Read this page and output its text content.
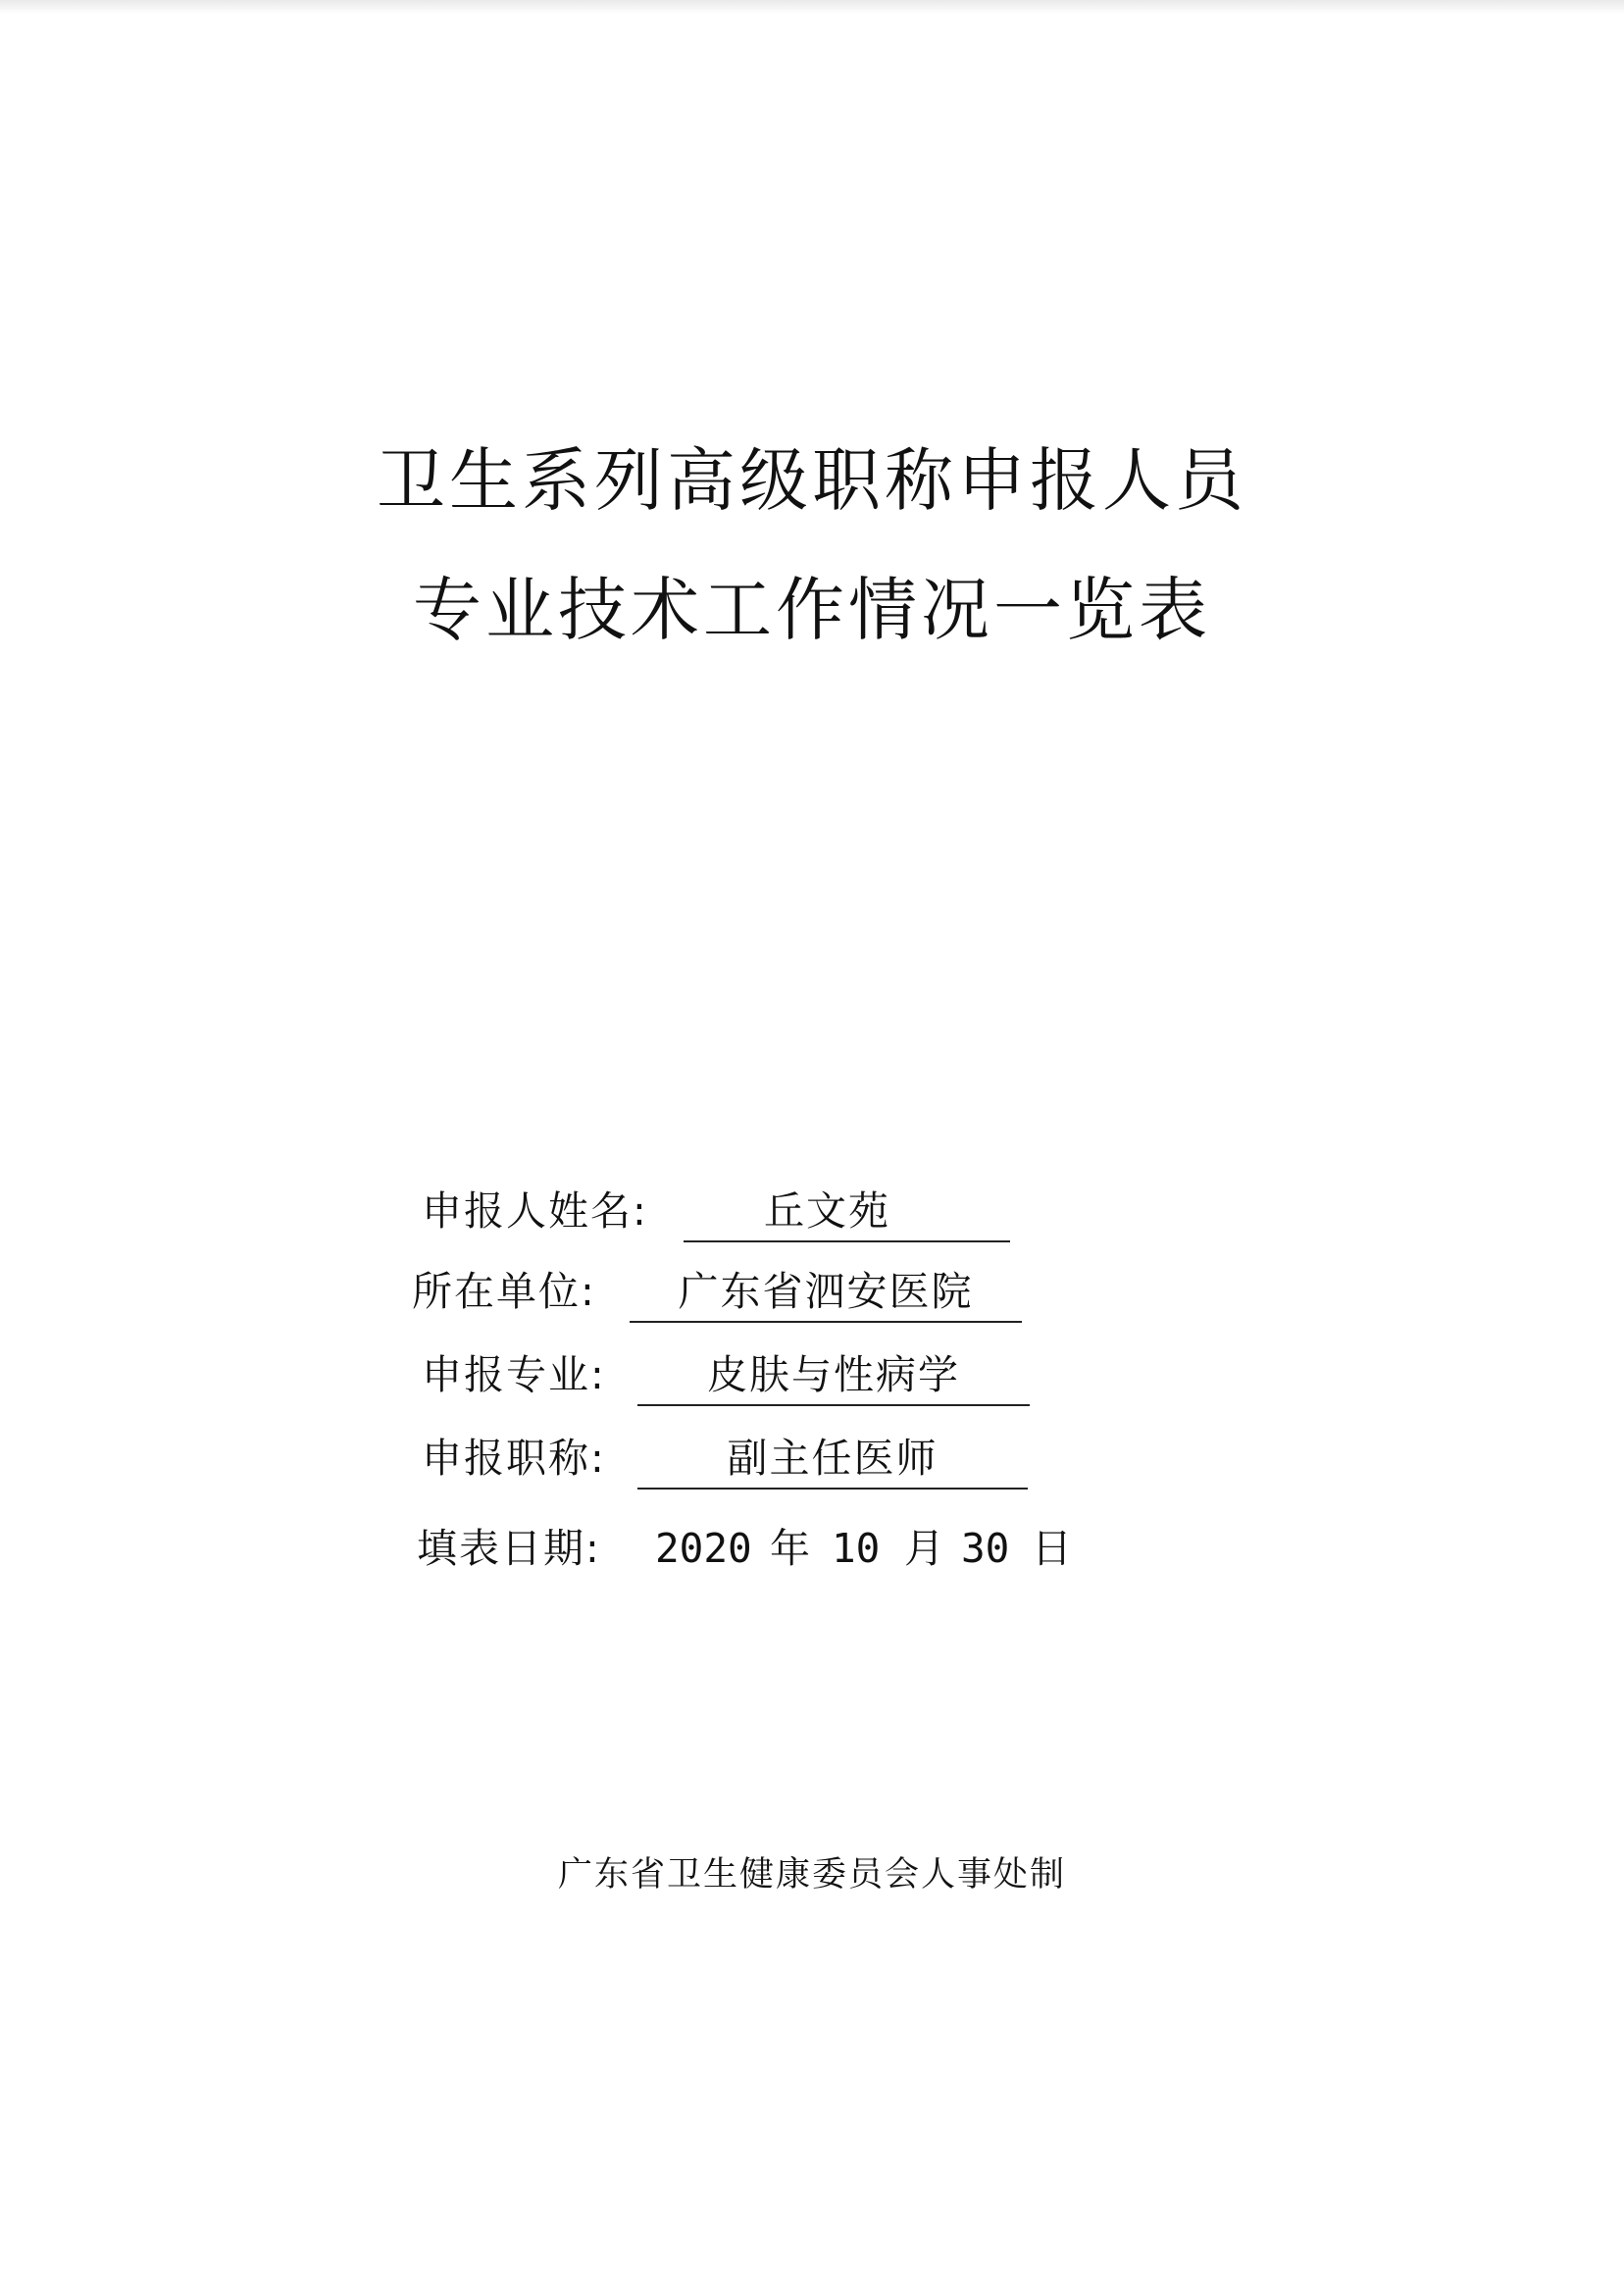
卫生系列高级职称申报人员
专业技术工作情况一览表
申报人姓名:	丘文苑
所在单位:	广东省泗安医院
申报专业:	皮肤与性病学
申报职称:	副主任医师
填表日期: 2020 年 10 月 30 日
广东省卫生健康委员会人事处制
